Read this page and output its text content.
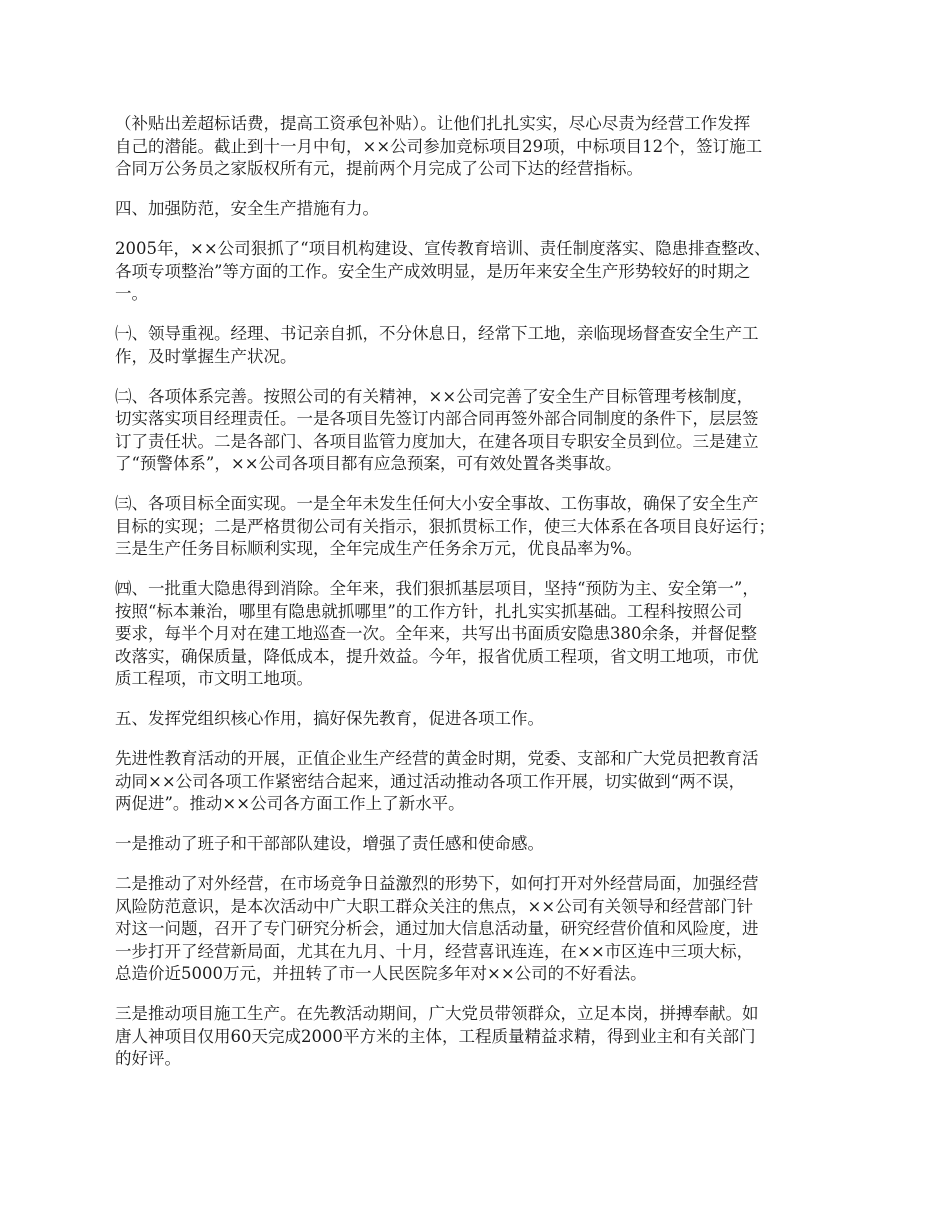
（补贴出差超标话费，提高工资承包补贴）。让他们扎扎实实，尽心尽责为经营工作发挥
自己的潜能。截止到十一月中旬，××公司参加竞标项目29项，中标项目12个，签订施工
合同万公务员之家版权所有元，提前两个月完成了公司下达的经营指标。

四、加强防范，安全生产措施有力。

2005年，××公司狠抓了“项目机构建设、宣传教育培训、责任制度落实、隐患排查整改、
各项专项整治”等方面的工作。安全生产成效明显，是历年来安全生产形势较好的时期之
一。

㈠、领导重视。经理、书记亲自抓，不分休息日，经常下工地，亲临现场督查安全生产工
作，及时掌握生产状况。

㈡、各项体系完善。按照公司的有关精神，××公司完善了安全生产目标管理考核制度，
切实落实项目经理责任。一是各项目先签订内部合同再签外部合同制度的条件下，层层签
订了责任状。二是各部门、各项目监管力度加大，在建各项目专职安全员到位。三是建立
了“预警体系”，××公司各项目都有应急预案，可有效处置各类事故。

㈢、各项目标全面实现。一是全年未发生任何大小安全事故、工伤事故，确保了安全生产
目标的实现；二是严格贯彻公司有关指示，狠抓贯标工作，使三大体系在各项目良好运行；
三是生产任务目标顺利实现，全年完成生产任务余万元，优良品率为%。

㈣、一批重大隐患得到消除。全年来，我们狠抓基层项目，坚持“预防为主、安全第一”，
按照“标本兼治，哪里有隐患就抓哪里”的工作方针，扎扎实实抓基础。工程科按照公司
要求，每半个月对在建工地巡查一次。全年来，共写出书面质安隐患380余条，并督促整
改落实，确保质量，降低成本，提升效益。今年，报省优质工程项，省文明工地项，市优
质工程项，市文明工地项。

五、发挥党组织核心作用，搞好保先教育，促进各项工作。

先进性教育活动的开展，正值企业生产经营的黄金时期，党委、支部和广大党员把教育活
动同××公司各项工作紧密结合起来，通过活动推动各项工作开展，切实做到“两不误，
两促进”。推动××公司各方面工作上了新水平。

一是推动了班子和干部部队建设，增强了责任感和使命感。

二是推动了对外经营，在市场竞争日益激烈的形势下，如何打开对外经营局面，加强经营
风险防范意识，是本次活动中广大职工群众关注的焦点，××公司有关领导和经营部门针
对这一问题，召开了专门研究分析会，通过加大信息活动量，研究经营价值和风险度，进
一步打开了经营新局面，尤其在九月、十月，经营喜讯连连，在××市区连中三项大标，
总造价近5000万元，并扭转了市一人民医院多年对××公司的不好看法。

三是推动项目施工生产。在先教活动期间，广大党员带领群众，立足本岗，拼搏奉献。如
唐人神项目仅用60天完成2000平方米的主体，工程质量精益求精，得到业主和有关部门
的好评。
